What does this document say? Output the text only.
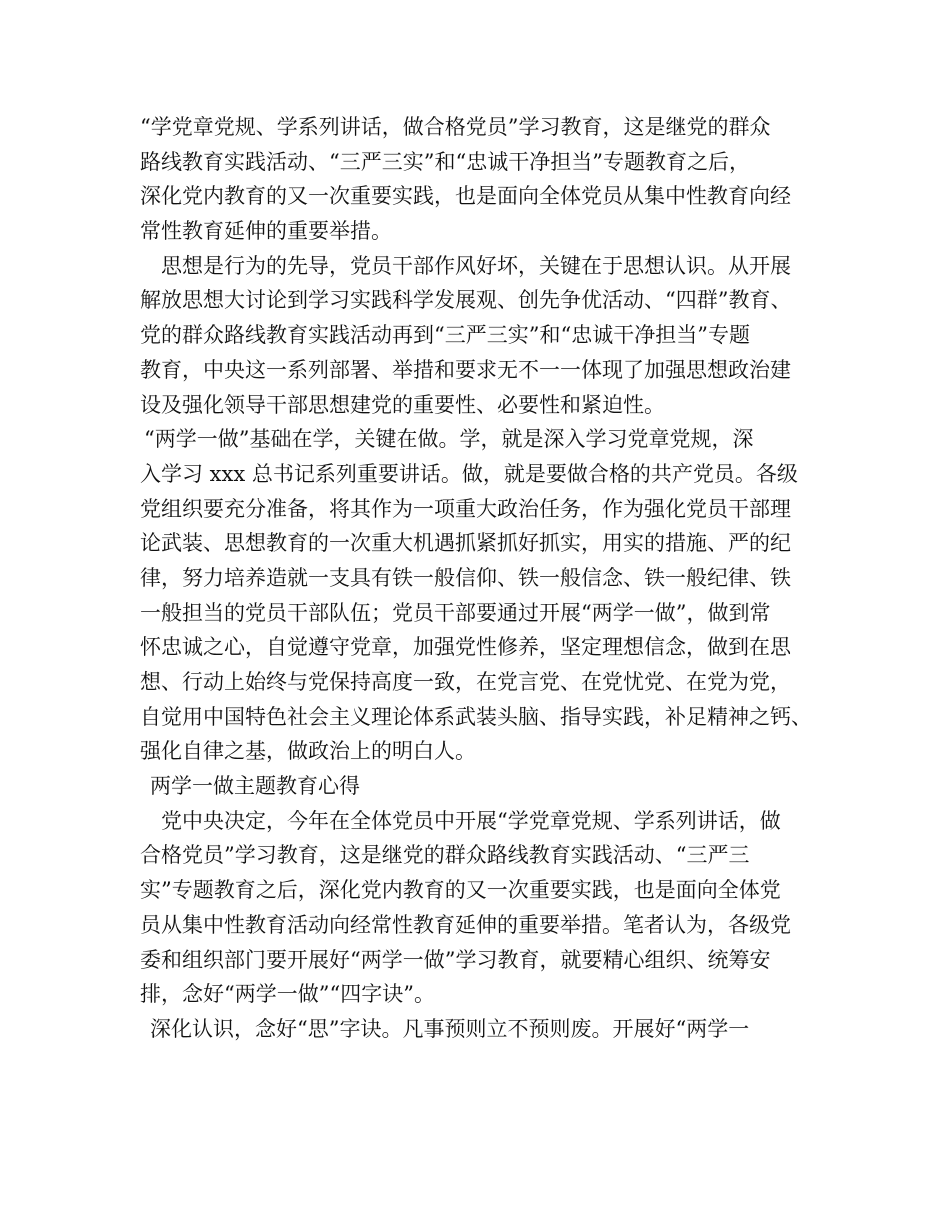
“学党章党规、学系列讲话，做合格党员”学习教育，这是继党的群众
路线教育实践活动、“三严三实”和“忠诚干净担当”专题教育之后，
深化党内教育的又一次重要实践，也是面向全体党员从集中性教育向经
常性教育延伸的重要举措。
思想是行为的先导，党员干部作风好坏，关键在于思想认识。从开展
解放思想大讨论到学习实践科学发展观、创先争优活动、“四群”教育、
党的群众路线教育实践活动再到“三严三实”和“忠诚干净担当”专题
教育，中央这一系列部署、举措和要求无不一一体现了加强思想政治建
设及强化领导干部思想建党的重要性、必要性和紧迫性。
“两学一做”基础在学，关键在做。学，就是深入学习党章党规，深
入学习 xxx 总书记系列重要讲话。做，就是要做合格的共产党员。各级
党组织要充分准备，将其作为一项重大政治任务，作为强化党员干部理
论武装、思想教育的一次重大机遇抓紧抓好抓实，用实的措施、严的纪
律，努力培养造就一支具有铁一般信仰、铁一般信念、铁一般纪律、铁
一般担当的党员干部队伍；党员干部要通过开展“两学一做”，做到常
怀忠诚之心，自觉遵守党章，加强党性修养，坚定理想信念，做到在思
想、行动上始终与党保持高度一致，在党言党、在党忧党、在党为党，
自觉用中国特色社会主义理论体系武装头脑、指导实践，补足精神之钙、
强化自律之基，做政治上的明白人。
两学一做主题教育心得
党中央决定，今年在全体党员中开展“学党章党规、学系列讲话，做
合格党员”学习教育，这是继党的群众路线教育实践活动、“三严三
实”专题教育之后，深化党内教育的又一次重要实践，也是面向全体党
员从集中性教育活动向经常性教育延伸的重要举措。笔者认为，各级党
委和组织部门要开展好“两学一做”学习教育，就要精心组织、统筹安
排，念好“两学一做”“四字诀”。
深化认识，念好“思”字诀。凡事预则立不预则废。开展好“两学一
